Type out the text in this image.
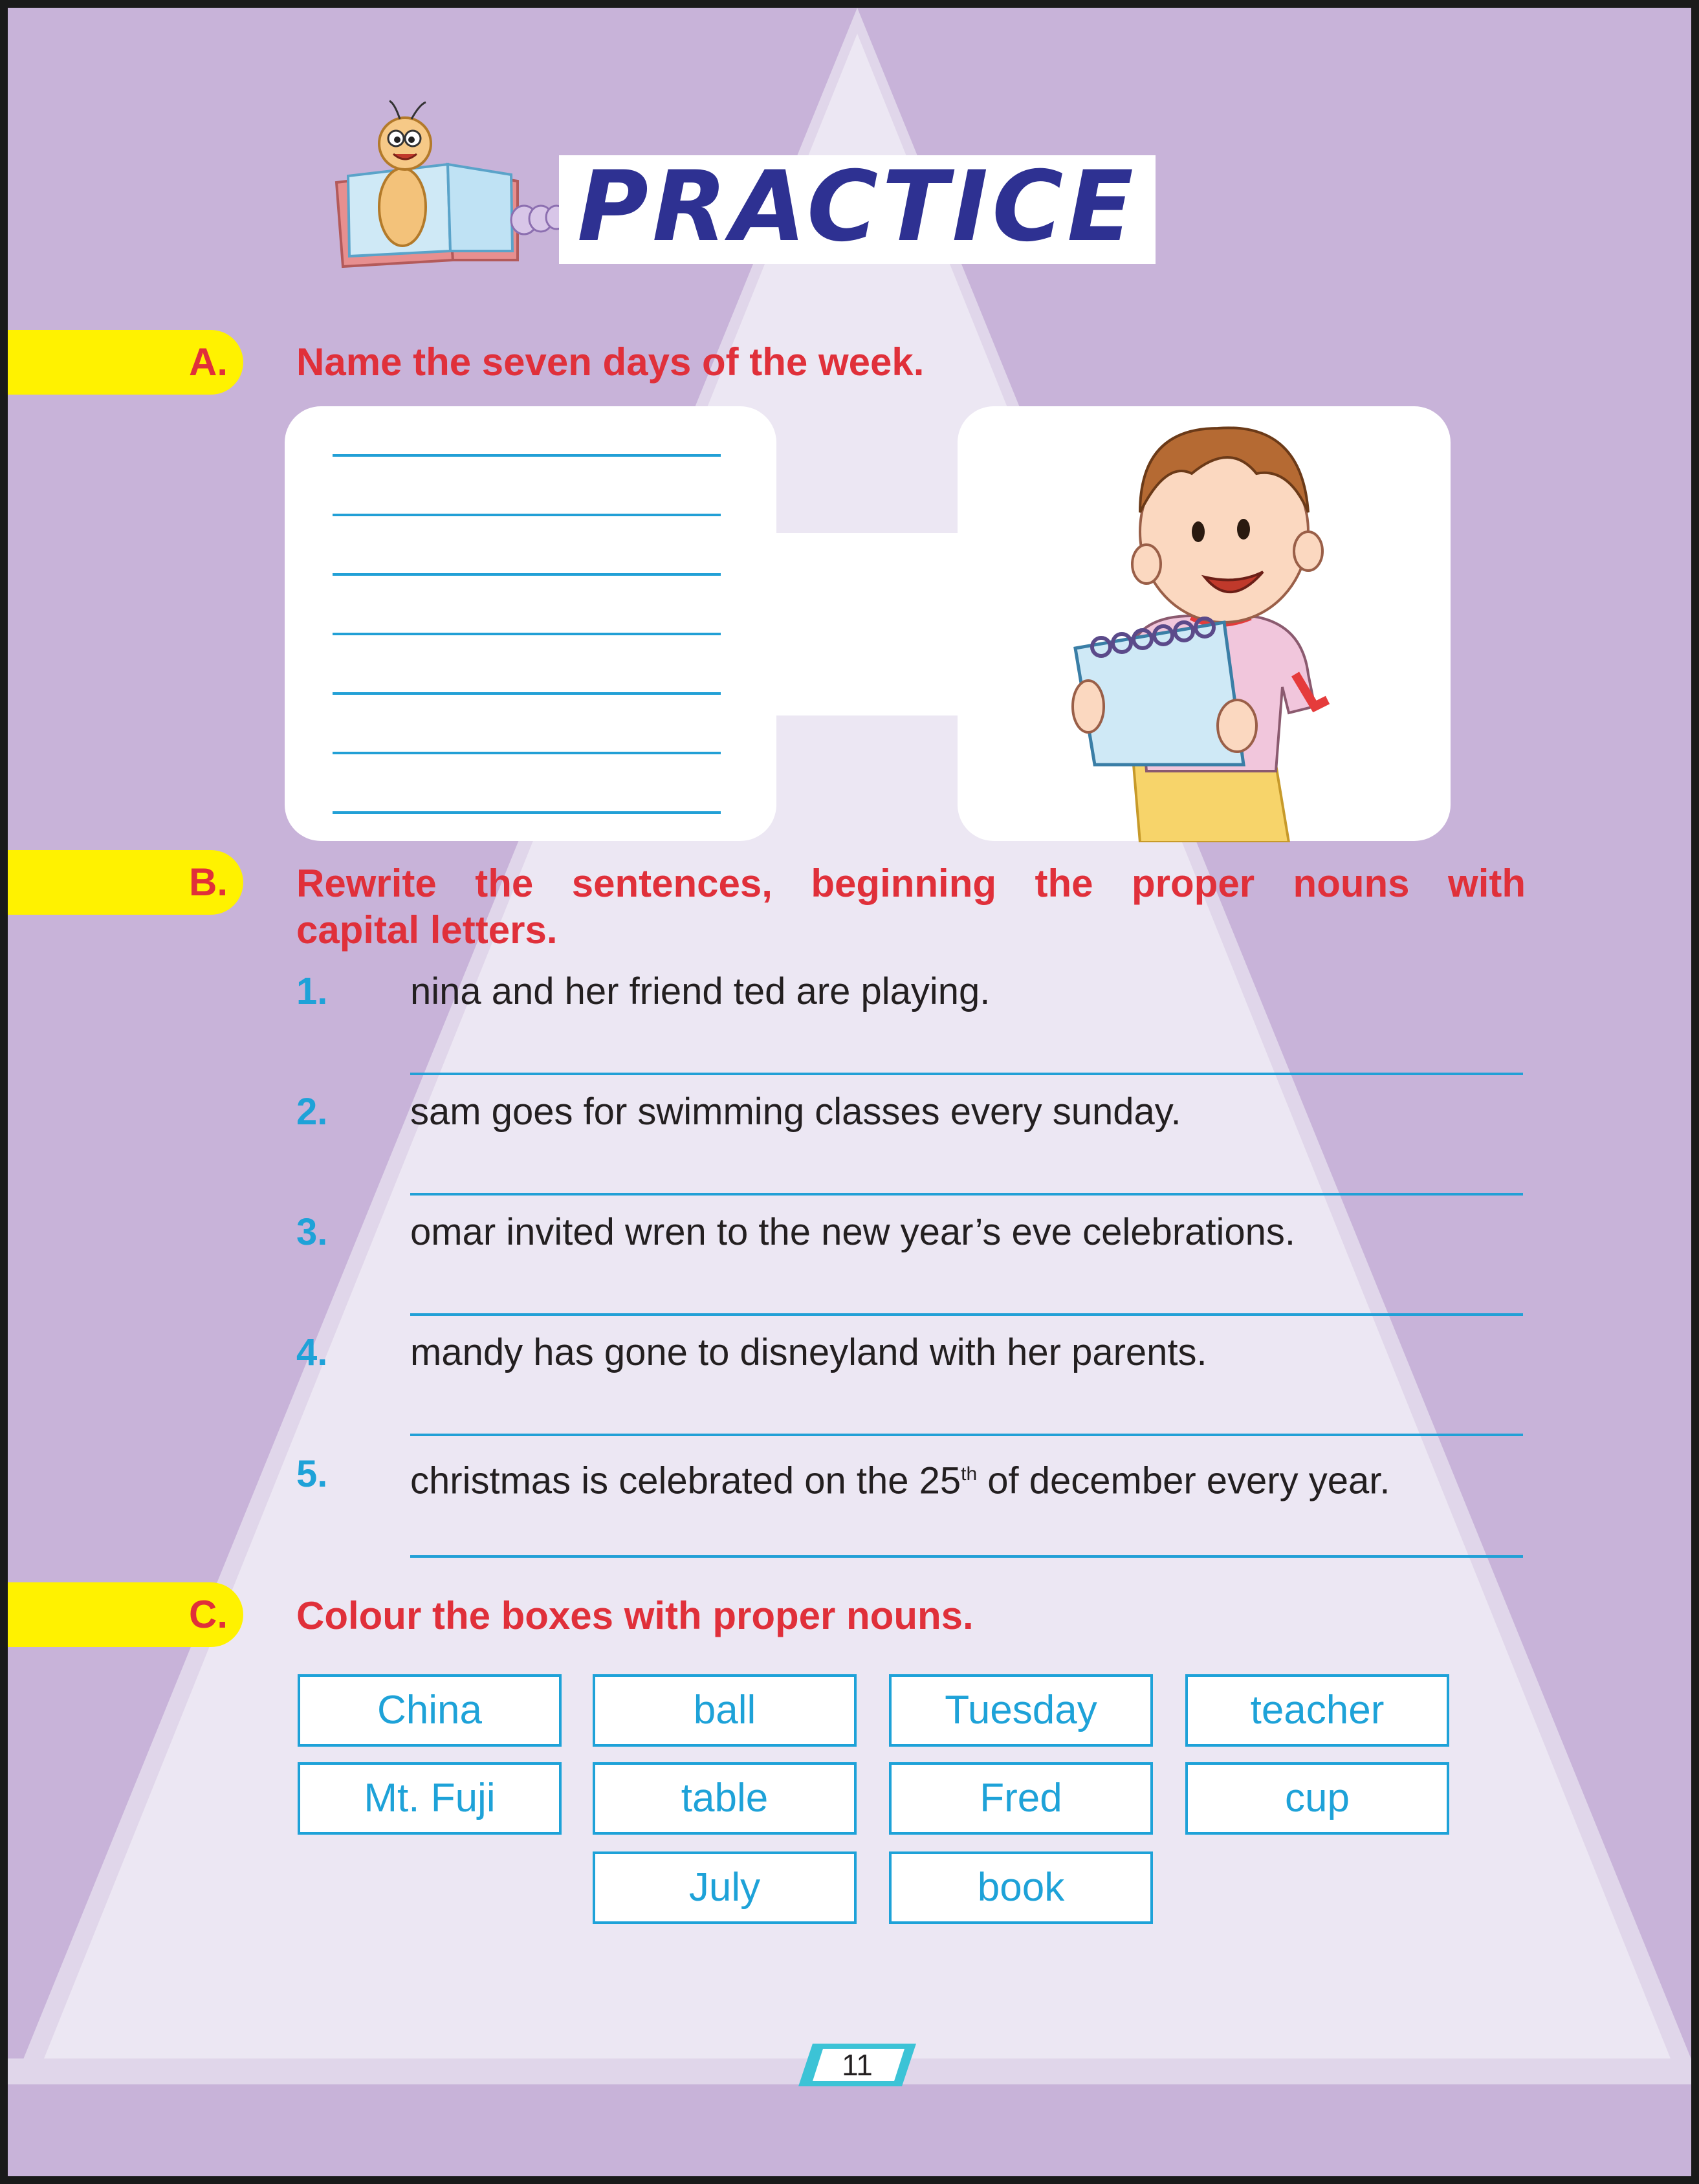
PRACTICE
A. Name the seven days of the week.
B. Rewrite the sentences, beginning the proper nouns with
capital letters.
1. nina and her friend ted are playing.
2. sam goes for swimming classes every sunday.
3. omar invited wren to the new year’s eve celebrations.
4. mandy has gone to disneyland with her parents.
5. christmas is celebrated on the 25th of december every year.
C. Colour the boxes with proper nouns.
China	ball	Tuesday	teacher
Mt. Fuji	table	Fred	cup
July	book
11
